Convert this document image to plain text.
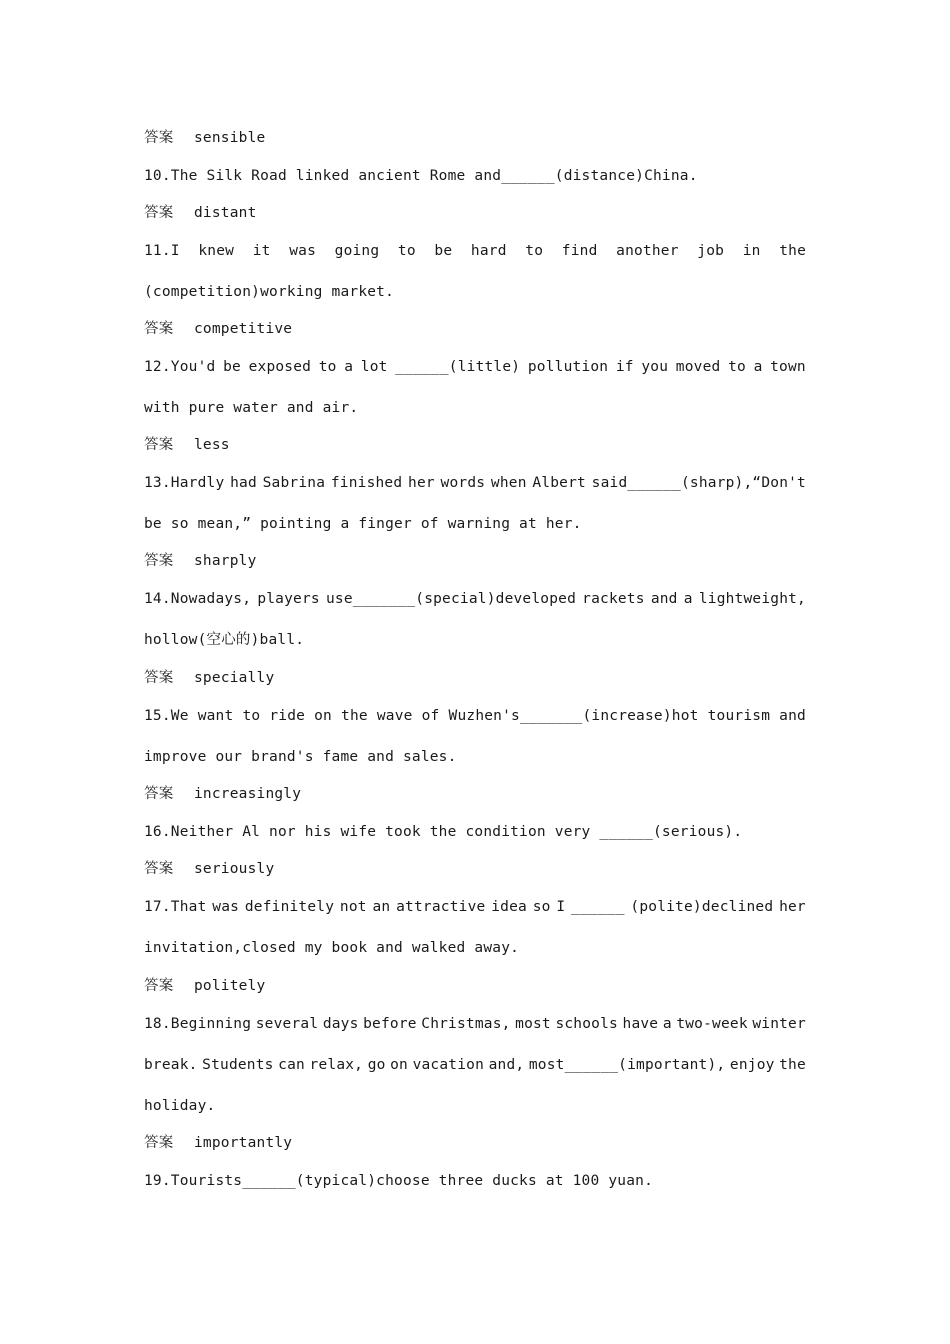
答案 sensible
10.The Silk Road linked ancient Rome and______(distance)China.
答案 distant
11.I knew it was going to be hard to find another job in the
(competition)working market.
答案 competitive
12.You'd be exposed to a lot ______(little) pollution if you moved to a town
with pure water and air.
答案 less
13.Hardly had Sabrina finished her words when Albert said______(sharp),“Don't
be so mean,” pointing a finger of warning at her.
答案 sharply
14.Nowadays, players use_______(special)developed rackets and a lightweight,
hollow(空心的)ball.
答案 specially
15.We want to ride on the wave of Wuzhen's_______(increase)hot tourism and
improve our brand's fame and sales.
答案 increasingly
16.Neither Al nor his wife took the condition very ______(serious).
答案 seriously
17.That was definitely not an attractive idea so I ______ (polite)declined her
invitation,closed my book and walked away.
答案 politely
18.Beginning several days before Christmas, most schools have a two-week winter
break. Students can relax, go on vacation and, most______(important), enjoy the
holiday.
答案 importantly
19.Tourists______(typical)choose three ducks at 100 yuan.
